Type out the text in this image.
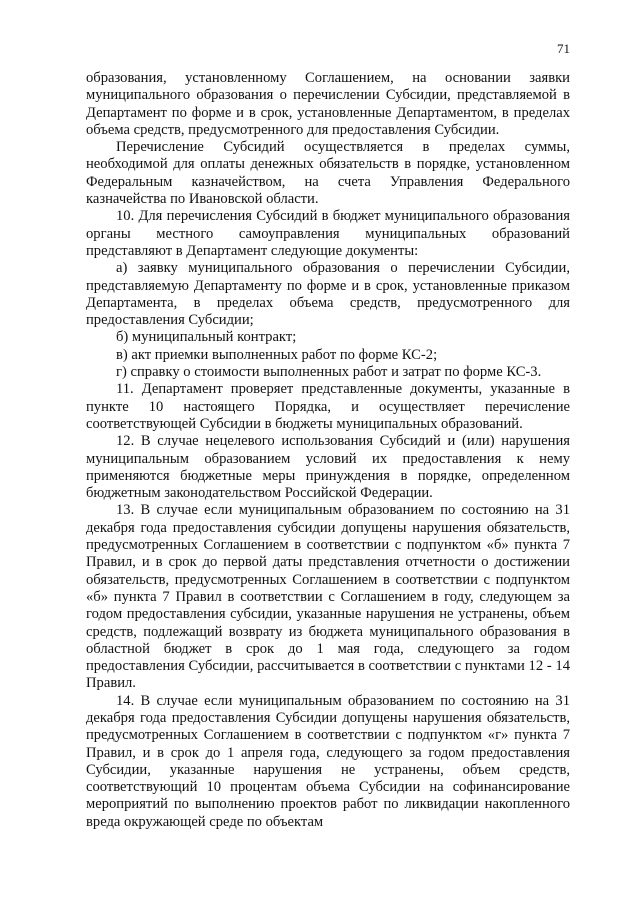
71

образования, установленному Соглашением, на основании заявки муниципального образования о перечислении Субсидии, представляемой в Департамент по форме и в срок, установленные Департаментом, в пределах объема средств, предусмотренного для предоставления Субсидии.

Перечисление Субсидий осуществляется в пределах суммы, необходимой для оплаты денежных обязательств в порядке, установленном Федеральным казначейством, на счета Управления Федерального казначейства по Ивановской области.

10. Для перечисления Субсидий в бюджет муниципального образования органы местного самоуправления муниципальных образований представляют в Департамент следующие документы:

а) заявку муниципального образования о перечислении Субсидии, представляемую Департаменту по форме и в срок, установленные приказом Департамента, в пределах объема средств, предусмотренного для предоставления Субсидии;

б) муниципальный контракт;

в) акт приемки выполненных работ по форме КС-2;

г) справку о стоимости выполненных работ и затрат по форме КС-3.

11. Департамент проверяет представленные документы, указанные в пункте 10 настоящего Порядка, и осуществляет перечисление соответствующей Субсидии в бюджеты муниципальных образований.

12. В случае нецелевого использования Субсидий и (или) нарушения муниципальным образованием условий их предоставления к нему применяются бюджетные меры принуждения в порядке, определенном бюджетным законодательством Российской Федерации.

13. В случае если муниципальным образованием по состоянию на 31 декабря года предоставления субсидии допущены нарушения обязательств, предусмотренных Соглашением в соответствии с подпунктом «б» пункта 7 Правил, и в срок до первой даты представления отчетности о достижении обязательств, предусмотренных Соглашением в соответствии с подпунктом «б» пункта 7 Правил в соответствии с Соглашением в году, следующем за годом предоставления субсидии, указанные нарушения не устранены, объем средств, подлежащий возврату из бюджета муниципального образования в областной бюджет в срок до 1 мая года, следующего за годом предоставления Субсидии, рассчитывается в соответствии с пунктами 12 - 14 Правил.

14. В случае если муниципальным образованием по состоянию на 31 декабря года предоставления Субсидии допущены нарушения обязательств, предусмотренных Соглашением в соответствии с подпунктом «г» пункта 7 Правил, и в срок до 1 апреля года, следующего за годом предоставления Субсидии, указанные нарушения не устранены, объем средств, соответствующий 10 процентам объема Субсидии на софинансирование мероприятий по выполнению проектов работ по ликвидации накопленного вреда окружающей среде по объектам
